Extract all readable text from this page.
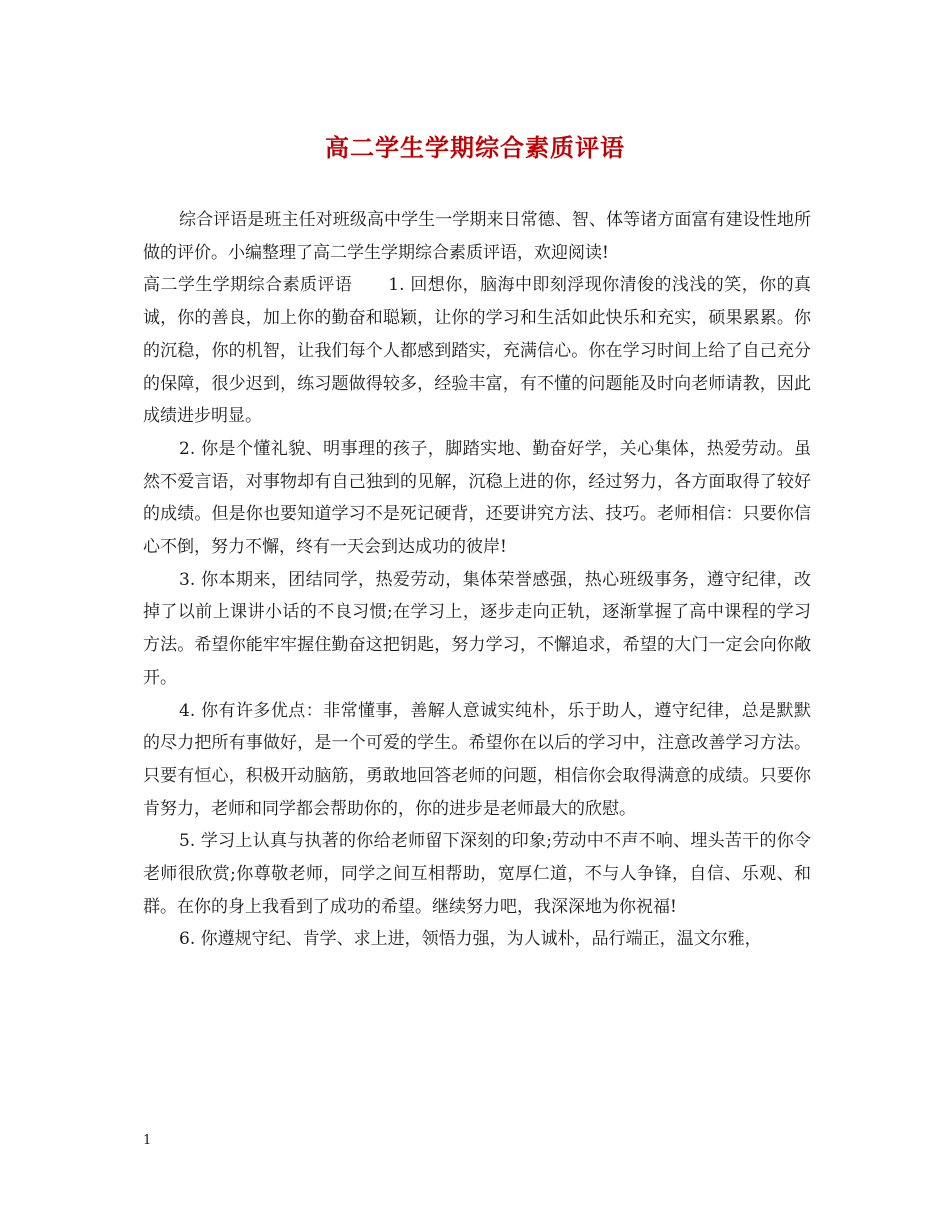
高二学生学期综合素质评语

综合评语是班主任对班级高中学生一学期来日常德、智、体等诸方面富有建设性地所做的评价。小编整理了高二学生学期综合素质评语，欢迎阅读!

高二学生学期综合素质评语 1. 回想你，脑海中即刻浮现你清俊的浅浅的笑，你的真诚，你的善良，加上你的勤奋和聪颖，让你的学习和生活如此快乐和充实，硕果累累。你的沉稳，你的机智，让我们每个人都感到踏实，充满信心。你在学习时间上给了自己充分的保障，很少迟到，练习题做得较多，经验丰富，有不懂的问题能及时向老师请教，因此成绩进步明显。

2. 你是个懂礼貌、明事理的孩子，脚踏实地、勤奋好学，关心集体，热爱劳动。虽然不爱言语，对事物却有自己独到的见解，沉稳上进的你，经过努力，各方面取得了较好的成绩。但是你也要知道学习不是死记硬背，还要讲究方法、技巧。老师相信：只要你信心不倒，努力不懈，终有一天会到达成功的彼岸!

3. 你本期来，团结同学，热爱劳动，集体荣誉感强，热心班级事务，遵守纪律，改掉了以前上课讲小话的不良习惯;在学习上，逐步走向正轨，逐渐掌握了高中课程的学习方法。希望你能牢牢握住勤奋这把钥匙，努力学习，不懈追求，希望的大门一定会向你敞开。

4. 你有许多优点：非常懂事，善解人意诚实纯朴，乐于助人，遵守纪律，总是默默的尽力把所有事做好，是一个可爱的学生。希望你在以后的学习中，注意改善学习方法。只要有恒心，积极开动脑筋，勇敢地回答老师的问题，相信你会取得满意的成绩。只要你肯努力，老师和同学都会帮助你的，你的进步是老师最大的欣慰。

5. 学习上认真与执著的你给老师留下深刻的印象;劳动中不声不响、埋头苦干的你令老师很欣赏;你尊敬老师，同学之间互相帮助，宽厚仁道，不与人争锋，自信、乐观、和群。在你的身上我看到了成功的希望。继续努力吧，我深深地为你祝福!

6. 你遵规守纪、肯学、求上进，领悟力强，为人诚朴，品行端正，温文尔雅，

1
